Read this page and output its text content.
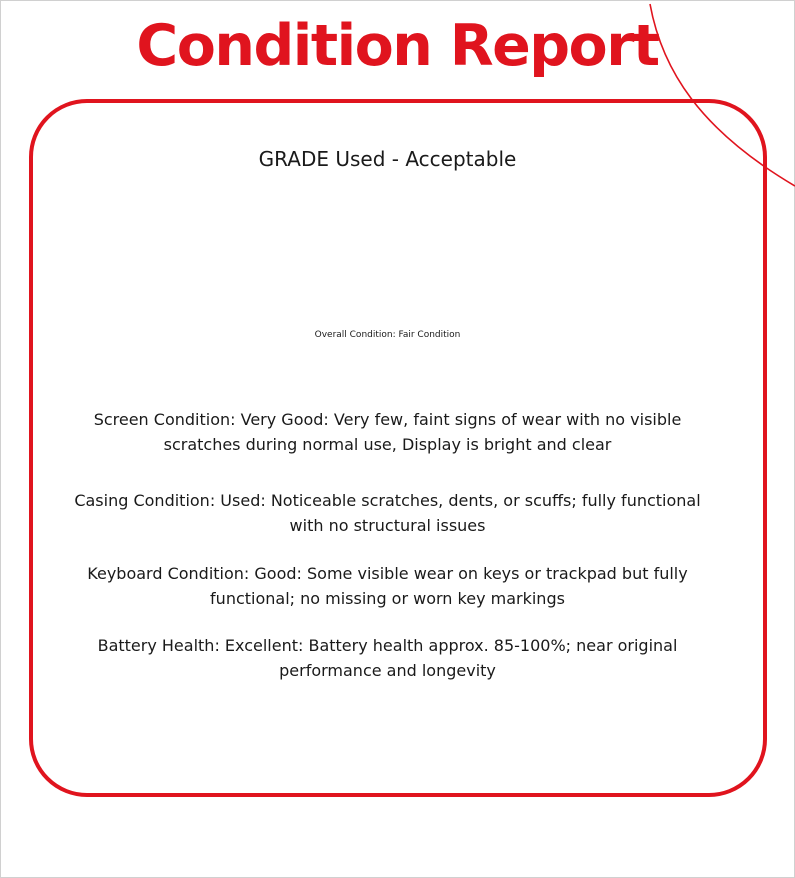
Condition Report
GRADE Used - Acceptable
Overall Condition: Fair Condition

Screen Condition: Very Good: Very few, faint signs of wear with no visible scratches during normal use, Display is bright and clear

Casing Condition: Used: Noticeable scratches, dents, or scuffs; fully functional with no structural issues

Keyboard Condition: Good: Some visible wear on keys or trackpad but fully functional; no missing or worn key markings

Battery Health: Excellent: Battery health approx. 85-100%; near original performance and longevity
